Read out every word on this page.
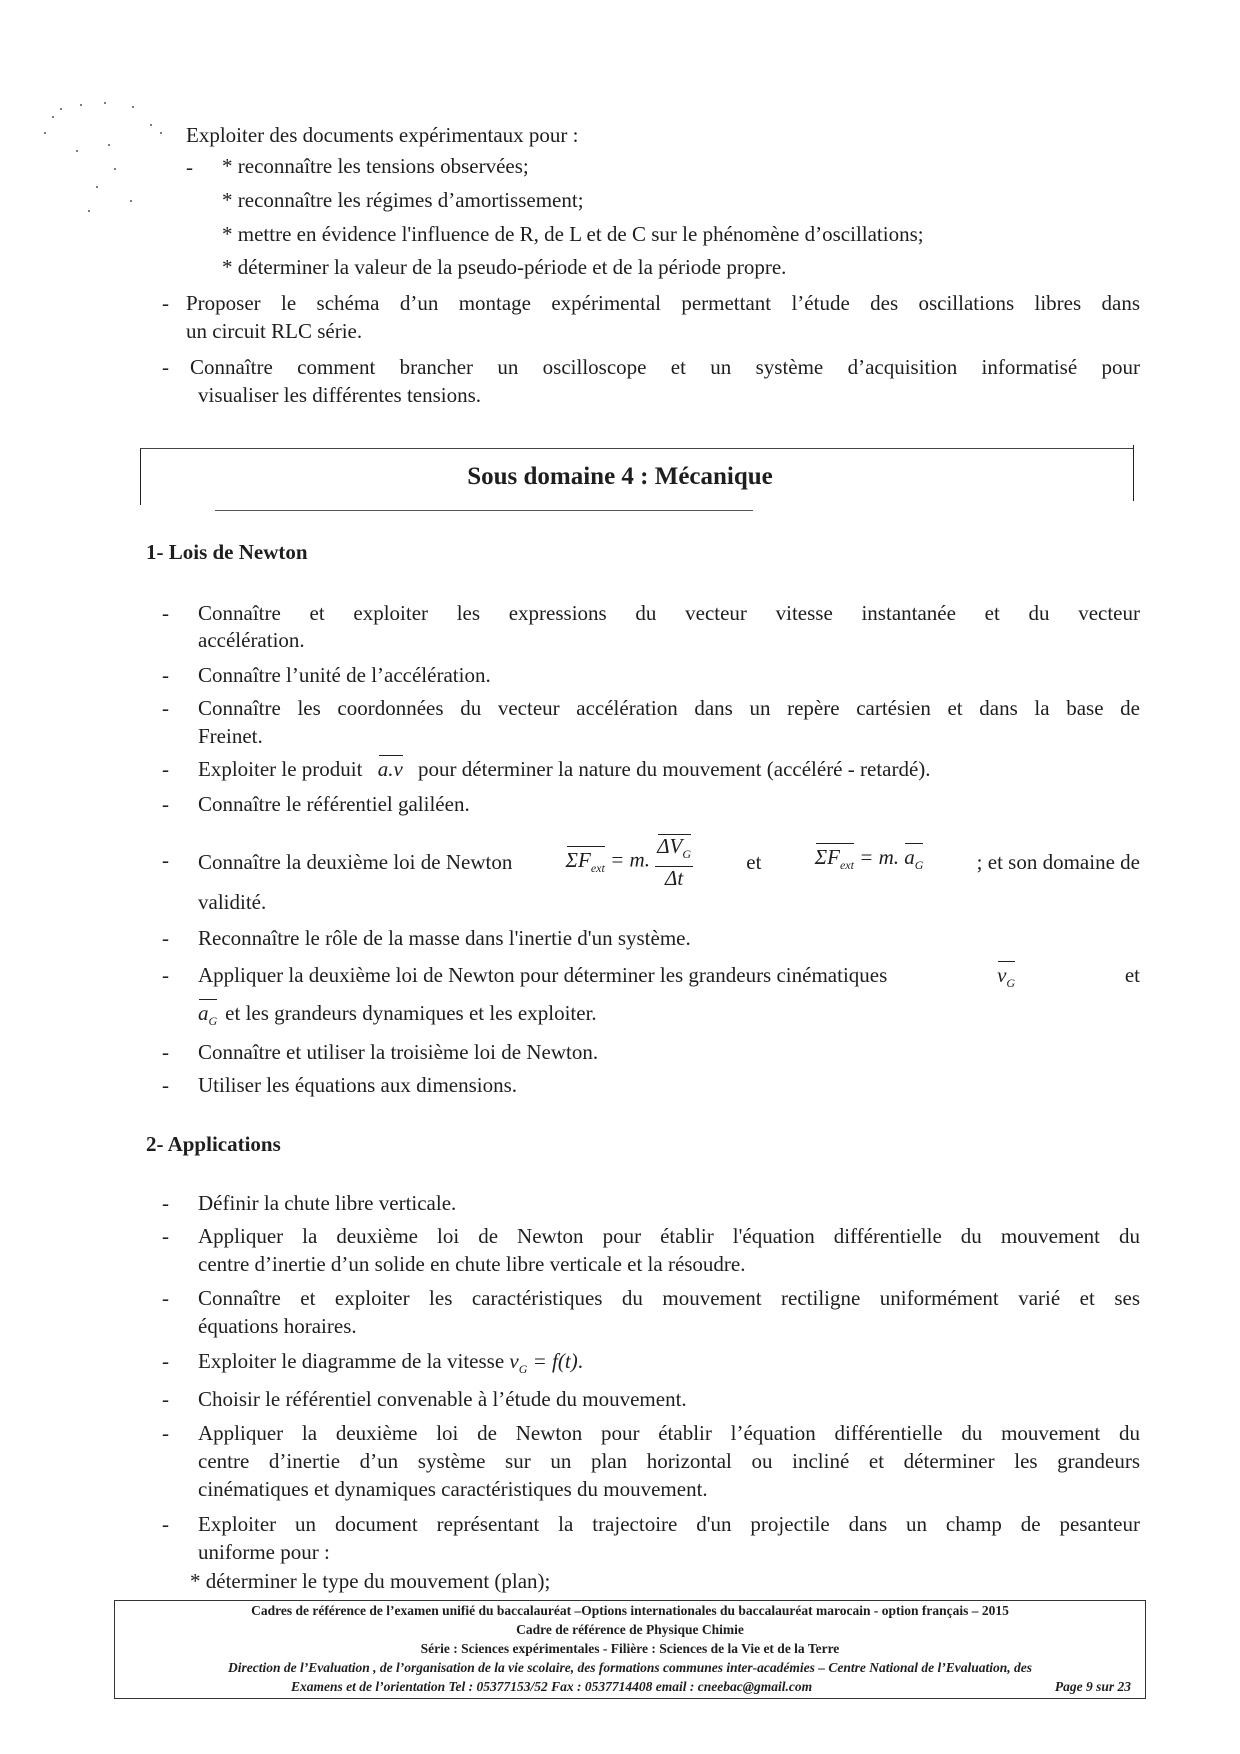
Exploiter des documents expérimentaux pour :
- * reconnaître les tensions observées;
* reconnaître les régimes d’amortissement;
* mettre en évidence l'influence de R, de L et de C sur le phénomène d’oscillations;
* déterminer la valeur de la pseudo-période et de la période propre.
- Proposer le schéma d’un montage expérimental permettant l’étude des oscillations libres dans
un circuit RLC série.
- Connaître comment brancher un oscilloscope et un système d’acquisition informatisé pour
visualiser les différentes tensions.
Sous domaine 4 : Mécanique
1- Lois de Newton
- Connaître et exploiter les expressions du vecteur vitesse instantanée et du vecteur
accélération.
- Connaître l’unité de l’accélération.
- Connaître les coordonnées du vecteur accélération dans un repère cartésien et dans la base de
Freinet.
- Exploiter le produit a.v pour déterminer la nature du mouvement (accéléré - retardé).
- Connaître le référentiel galiléen.
- Connaître la deuxième loi de Newton	$\Sigma F_{ext} = m$. $\frac{\Delta V_G}{\Delta t}$	et	$\Sigma F_{ext} = m$. $a_G$	; et son domaine de
validité.
- Reconnaître le rôle de la masse dans l'inertie d'un système.
- Appliquer la deuxième loi de Newton pour déterminer les grandeurs cinématiques	$v_G$	et
$a_G$ et les grandeurs dynamiques et les exploiter.
- Connaître et utiliser la troisième loi de Newton.
- Utiliser les équations aux dimensions.
2- Applications
- Définir la chute libre verticale.
- Appliquer la deuxième loi de Newton pour établir l'équation différentielle du mouvement du
centre d’inertie d’un solide en chute libre verticale et la résoudre.
- Connaître et exploiter les caractéristiques du mouvement rectiligne uniformément varié et ses
équations horaires.
- Exploiter le diagramme de la vitesse $v_G = f(t)$.
- Choisir le référentiel convenable à l’étude du mouvement.
- Appliquer la deuxième loi de Newton pour établir l’équation différentielle du mouvement du
centre d’inertie d’un système sur un plan horizontal ou incliné et déterminer les grandeurs
cinématiques et dynamiques caractéristiques du mouvement.
- Exploiter un document représentant la trajectoire d'un projectile dans un champ de pesanteur
uniforme pour :
* déterminer le type du mouvement (plan);
Cadres de référence de l’examen unifié du baccalauréat –Options internationales du baccalauréat marocain - option français – 2015
Cadre de référence de Physique Chimie
Série : Sciences expérimentales - Filière : Sciences de la Vie et de la Terre
Direction de l’Evaluation , de l’organisation de la vie scolaire, des formations communes inter-académies – Centre National de l’Evaluation, des
Examens et de l’orientation Tel : 05377153/52 Fax : 0537714408 email : cneebac@gmail.com	Page 9 sur 23
